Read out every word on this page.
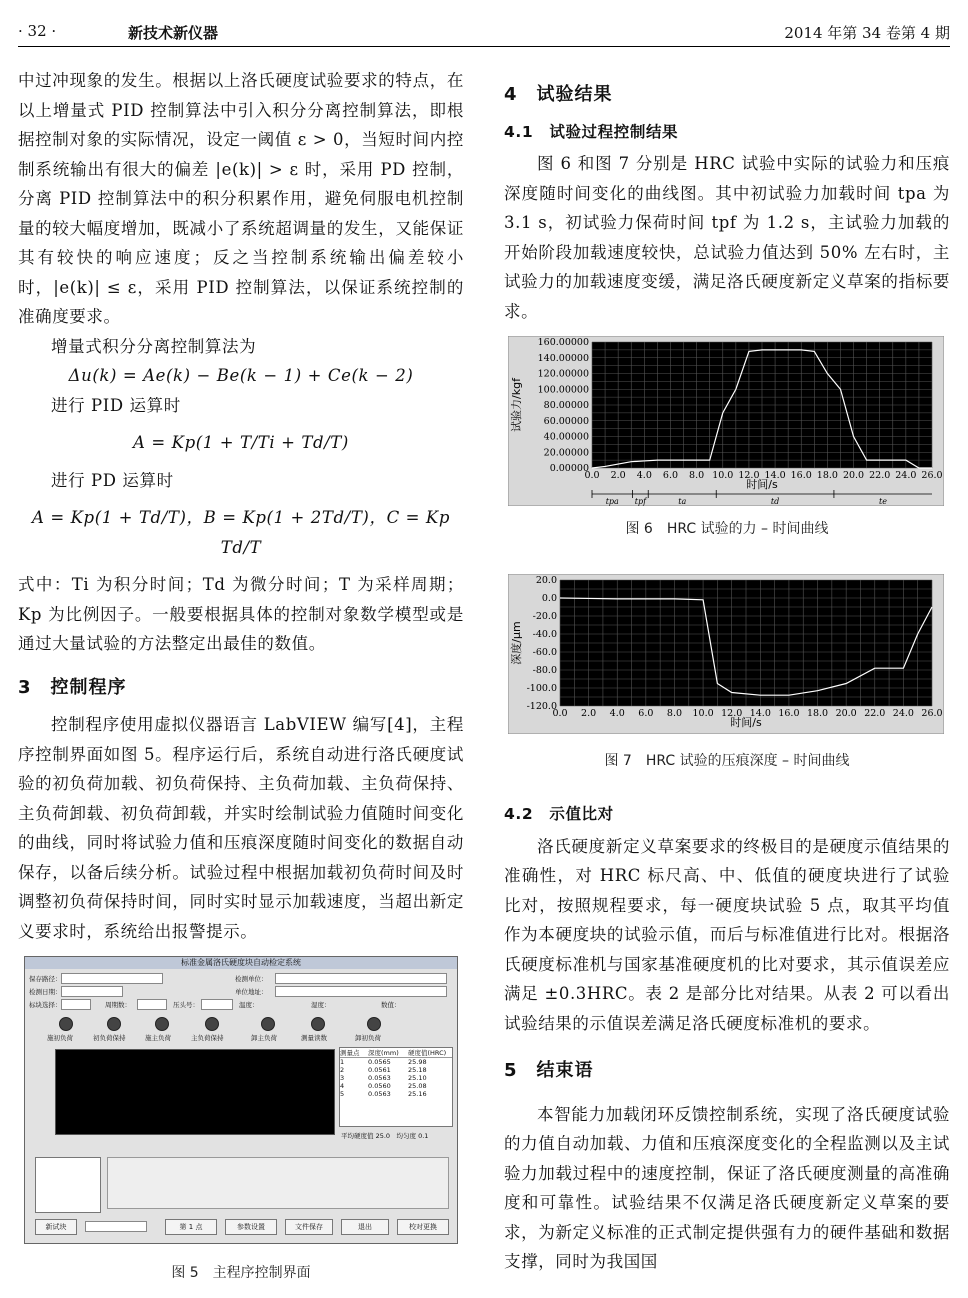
· 32 ·	新技术新仪器	2014 年第 34 卷第 4 期

中过冲现象的发生。根据以上洛氏硬度试验要求的特点，在以上增量式 PID 控制算法中引入积分分离控制算法，即根据控制对象的实际情况，设定一阈值 ε > 0，当短时间内控制系统输出有很大的偏差 |e(k)| > ε 时，采用 PD 控制，分离 PID 控制算法中的积分积累作用，避免伺服电机控制量的较大幅度增加，既减小了系统超调量的发生，又能保证其有较快的响应速度；反之当控制系统输出偏差较小时，|e(k)| ≤ ε，采用 PID 控制算法，以保证系统控制的准确度要求。

增量式积分分离控制算法为

Δu(k) = Ae(k) − Be(k − 1) + Ce(k − 2)

进行 PID 运算时

A = Kp(1 + T/Ti + Td/T)

进行 PD 运算时

A = Kp(1 + Td/T)，B = Kp(1 + 2Td/T)，C = Kp Td/T

式中：Ti 为积分时间；Td 为微分时间；T 为采样周期；Kp 为比例因子。一般要根据具体的控制对象数学模型或是通过大量试验的方法整定出最佳的数值。

3　控制程序

控制程序使用虚拟仪器语言 LabVIEW 编写[4]，主程序控制界面如图 5。程序运行后，系统自动进行洛氏硬度试验的初负荷加载、初负荷保持、主负荷加载、主负荷保持、主负荷卸载、初负荷卸载，并实时绘制试验力值随时间变化的曲线，同时将试验力值和压痕深度随时间变化的数据自动保存，以备后续分析。试验过程中根据加载初负荷时间及时调整初负荷保持时间，同时实时显示加载速度，当超出新定义要求时，系统给出报警提示。

标准金属洛氏硬度块自动检定系统
保存路径：	检测单位：
检测日期：	单位地址：
标块选择：	周期数：	压头号：	温度：	湿度：	数值：
施初负荷	初负荷保持	施主负荷	主负荷保持	卸主负荷	测量读数	卸初负荷
测量点	深度(mm)	硬度值(HRC)
1	0.0565	25.98
2	0.0561	25.18
3	0.0563	25.10
4	0.0560	25.08
5	0.0563	25.16
平均硬度值 25.0　均匀度 0.1
新试块	第 1 点	参数设置	文件保存	退出	校对更换
图 5　主程序控制界面
4　试验结果
4.1　试验过程控制结果

图 6 和图 7 分别是 HRC 试验中实际的试验力和压痕深度随时间变化的曲线图。其中初试验力加载时间 tpa 为 3.1 s，初试验力保荷时间 tpf 为 1.2 s，主试验力加载的开始阶段加载速度较快，总试验力值达到 50% 左右时，主试验力的加载速度变缓，满足洛氏硬度新定义草案的指标要求。

0.00000
20.00000
40.00000
60.00000
80.00000
100.00000
120.00000
140.00000
160.00000
0.0 2.0 4.0 6.0 8.0 10.0 12.0 14.0 16.0 18.0 20.0 22.0 24.0 26.0
时间/s
试验力/kgf
tpa tpf	ta	td	te
图 6　HRC 试验的力 – 时间曲线
-120.0
-100.0
-80.0
-60.0
-40.0
-20.0
0.0
20.0
0.0 2.0 4.0 6.0 8.0 10.0 12.0 14.0 16.0 18.0 20.0 22.0 24.0 26.0
时间/s
深度/μm
图 7　HRC 试验的压痕深度 – 时间曲线
4.2　示值比对

洛氏硬度新定义草案要求的终极目的是硬度示值结果的准确性，对 HRC 标尺高、中、低值的硬度块进行了试验比对，按照规程要求，每一硬度块试验 5 点，取其平均值作为本硬度块的试验示值，而后与标准值进行比对。根据洛氏硬度标准机与国家基准硬度机的比对要求，其示值误差应满足 ±0.3HRC。表 2 是部分比对结果。从表 2 可以看出试验结果的示值误差满足洛氏硬度标准机的要求。

5　结束语

本智能力加载闭环反馈控制系统，实现了洛氏硬度试验的力值自动加载、力值和压痕深度变化的全程监测以及主试验力加载过程中的速度控制，保证了洛氏硬度测量的高准确度和可靠性。试验结果不仅满足洛氏硬度新定义草案的要求，为新定义标准的正式制定提供强有力的硬件基础和数据支撑，同时为我国国
